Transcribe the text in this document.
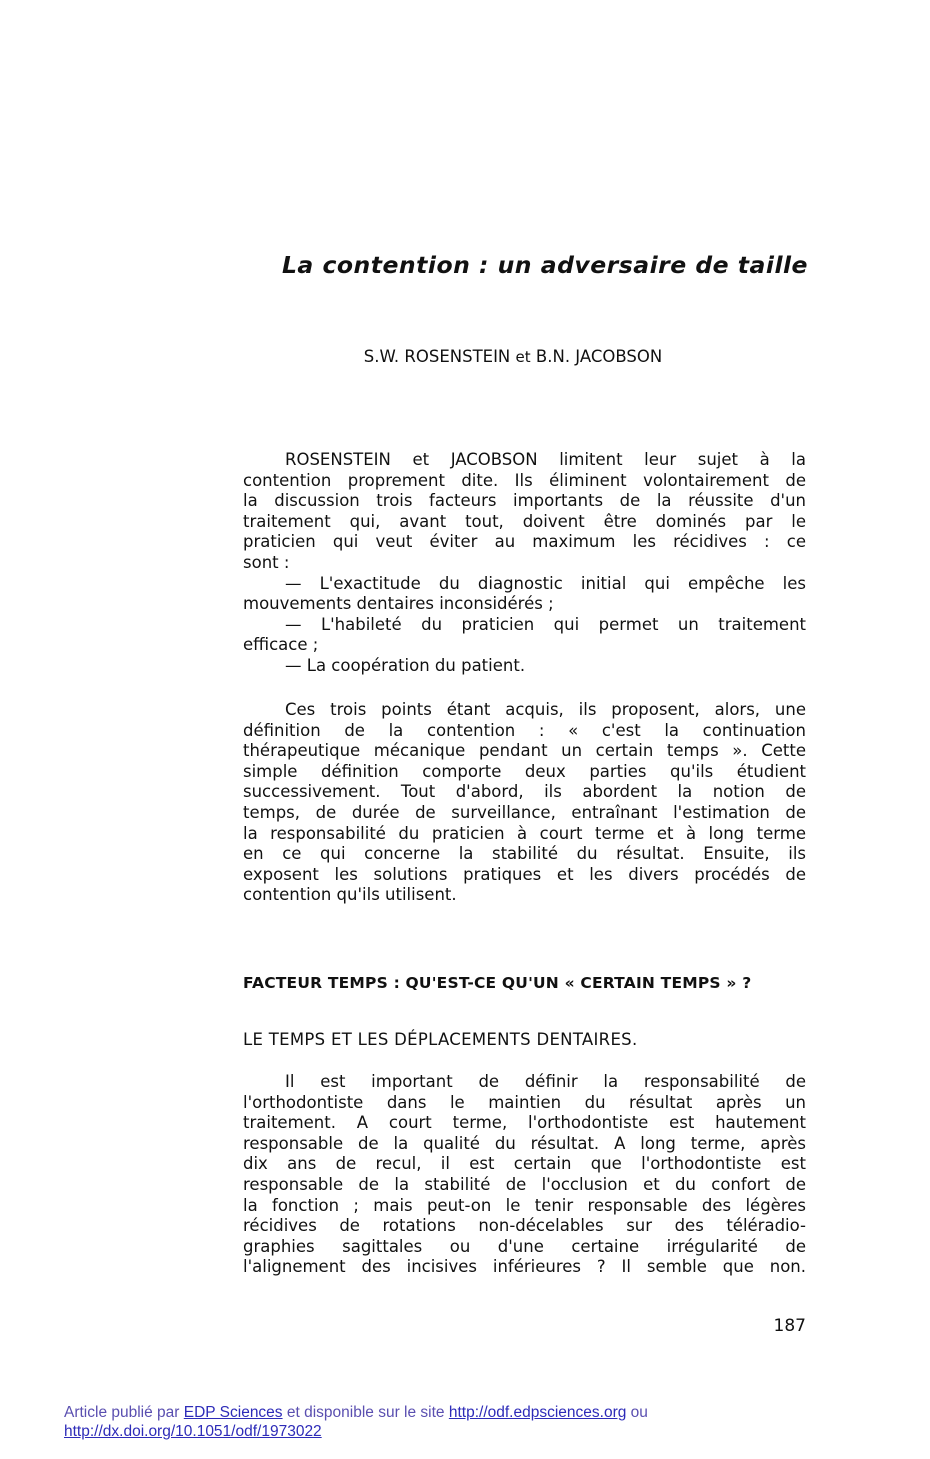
La contention : un adversaire de taille
S.W. ROSENSTEIN et B.N. JACOBSON

ROSENSTEIN et JACOBSON limitent leur sujet à la
contention proprement dite. Ils éliminent volontairement de
la discussion trois facteurs importants de la réussite d'un
traitement qui, avant tout, doivent être dominés par le
praticien qui veut éviter au maximum les récidives : ce
sont :

— L'exactitude du diagnostic initial qui empêche les
mouvements dentaires inconsidérés ;

— L'habileté du praticien qui permet un traitement
efficace ;

— La coopération du patient.

Ces trois points étant acquis, ils proposent, alors, une
définition de la contention : « c'est la continuation
thérapeutique mécanique pendant un certain temps ». Cette
simple définition comporte deux parties qu'ils étudient
successivement. Tout d'abord, ils abordent la notion de
temps, de durée de surveillance, entraînant l'estimation de
la responsabilité du praticien à court terme et à long terme
en ce qui concerne la stabilité du résultat. Ensuite, ils
exposent les solutions pratiques et les divers procédés de
contention qu'ils utilisent.

FACTEUR TEMPS : QU'EST-CE QU'UN « CERTAIN TEMPS » ?
LE TEMPS ET LES DÉPLACEMENTS DENTAIRES.

Il est important de définir la responsabilité de
l'orthodontiste dans le maintien du résultat après un
traitement. A court terme, l'orthodontiste est hautement
responsable de la qualité du résultat. A long terme, après
dix ans de recul, il est certain que l'orthodontiste est
responsable de la stabilité de l'occlusion et du confort de
la fonction ; mais peut-on le tenir responsable des légères
récidives de rotations non-décelables sur des téléradio-
graphies sagittales ou d'une certaine irrégularité de
l'alignement des incisives inférieures ? Il semble que non.

187
Article publié par EDP Sciences et disponible sur le site http://odf.edpsciences.org ou
http://dx.doi.org/10.1051/odf/1973022
